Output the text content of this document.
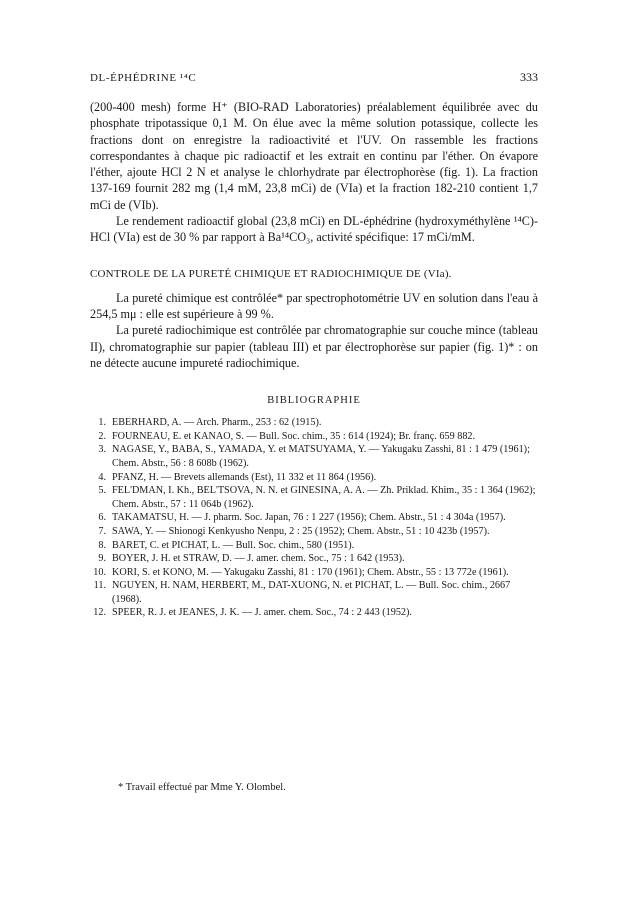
DL-ÉPHÉDRINE ¹⁴C	333

(200-400 mesh) forme H⁺ (BIO-RAD Laboratories) préalablement équilibrée avec du phosphate tripotassique 0,1 M. On élue avec la même solution potassique, collecte les fractions dont on enregistre la radioactivité et l'UV. On rassemble les fractions correspondantes à chaque pic radioactif et les extrait en continu par l'éther. On évapore l'éther, ajoute HCl 2 N et analyse le chlorhydrate par électrophorèse (fig. 1). La fraction 137-169 fournit 282 mg (1,4 mM, 23,8 mCi) de (VIa) et la fraction 182-210 contient 1,7 mCi de (VIb).

Le rendement radioactif global (23,8 mCi) en DL-éphédrine (hydroxyméthylène ¹⁴C)-HCl (VIa) est de 30 % par rapport à Ba¹⁴CO₃, activité spécifique: 17 mCi/mM.

CONTROLE DE LA PURETÉ CHIMIQUE ET RADIOCHIMIQUE DE (VIa).

La pureté chimique est contrôlée* par spectrophotométrie UV en solution dans l'eau à 254,5 mμ : elle est supérieure à 99 %.

La pureté radiochimique est contrôlée par chromatographie sur couche mince (tableau II), chromatographie sur papier (tableau III) et par électrophorèse sur papier (fig. 1)* : on ne détecte aucune impureté radiochimique.

BIBLIOGRAPHIE
1. EBERHARD, A. — Arch. Pharm., 253 : 62 (1915).
2. FOURNEAU, E. et KANAO, S. — Bull. Soc. chim., 35 : 614 (1924); Br. franç. 659 882.
3. NAGASE, Y., BABA, S., YAMADA, Y. et MATSUYAMA, Y. — Yakugaku Zasshi, 81 : 1 479 (1961); Chem. Abstr., 56 : 8 608b (1962).
4. PFANZ, H. — Brevets allemands (Est), 11 332 et 11 864 (1956).
5. FEL'DMAN, I. Kh., BEL'TSOVA, N. N. et GINESINA, A. A. — Zh. Priklad. Khim., 35 : 1 364 (1962); Chem. Abstr., 57 : 11 064b (1962).
6. TAKAMATSU, H. — J. pharm. Soc. Japan, 76 : 1 227 (1956); Chem. Abstr., 51 : 4 304a (1957).
7. SAWA, Y. — Shionogi Kenkyusho Nenpu, 2 : 25 (1952); Chem. Abstr., 51 : 10 423b (1957).
8. BARET, C. et PICHAT, L. — Bull. Soc. chim., 580 (1951).
9. BOYER, J. H. et STRAW, D. — J. amer. chem. Soc., 75 : 1 642 (1953).
10. KORI, S. et KONO, M. — Yakugaku Zasshi, 81 : 170 (1961); Chem. Abstr., 55 : 13 772e (1961).
11. NGUYEN, H. NAM, HERBERT, M., DAT-XUONG, N. et PICHAT, L. — Bull. Soc. chim., 2667 (1968).
12. SPEER, R. J. et JEANES, J. K. — J. amer. chem. Soc., 74 : 2 443 (1952).
* Travail effectué par Mme Y. Olombel.
